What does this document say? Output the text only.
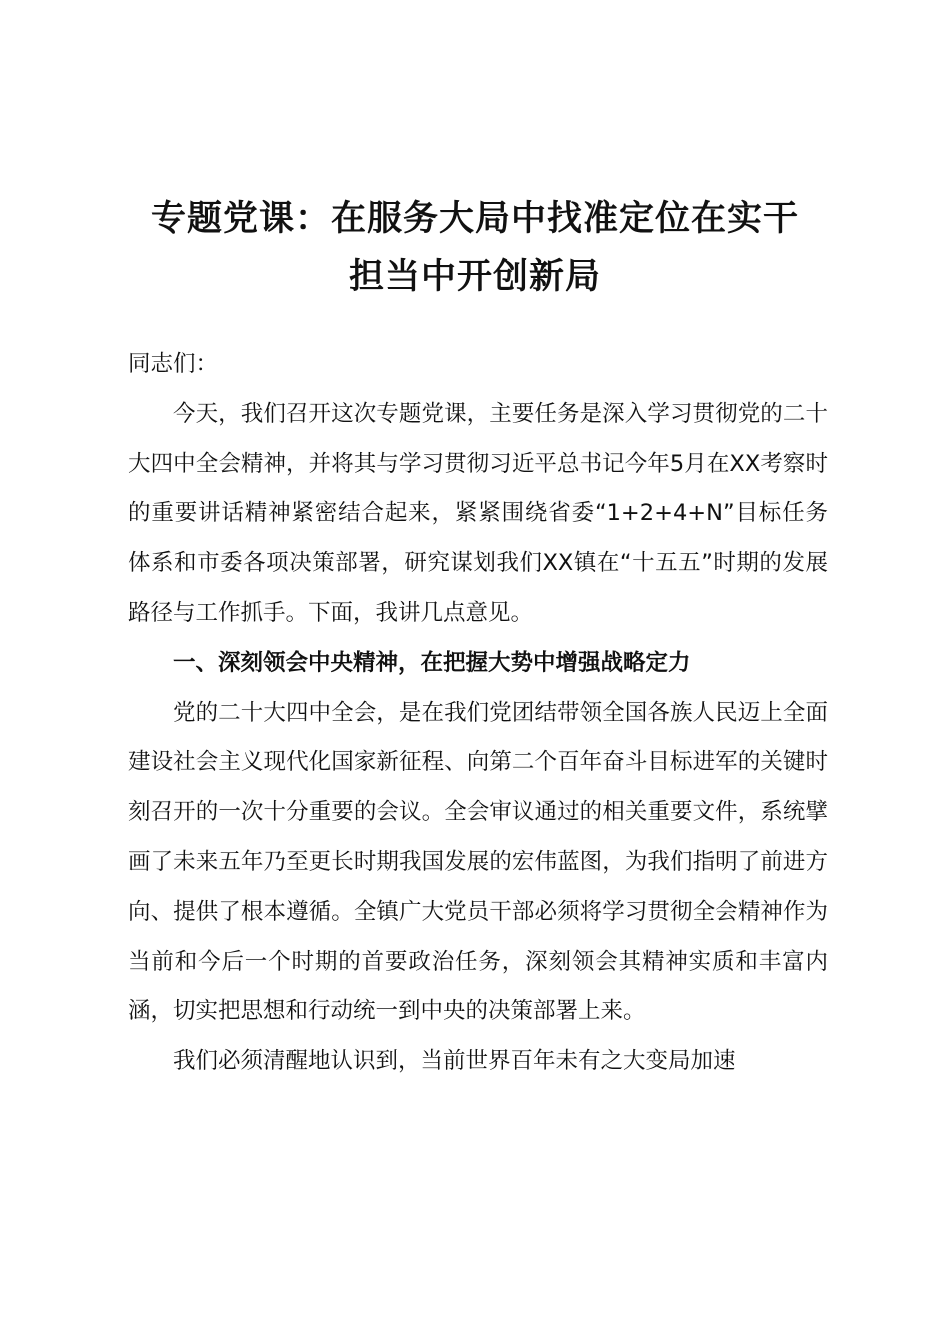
专题党课：在服务大局中找准定位在实干
担当中开创新局

同志们：

今天，我们召开这次专题党课，主要任务是深入学习贯彻党的二十大四中全会精神，并将其与学习贯彻习近平总书记今年5月在XX考察时的重要讲话精神紧密结合起来，紧紧围绕省委“1+2+4+N”目标任务体系和市委各项决策部署，研究谋划我们XX镇在“十五五”时期的发展路径与工作抓手。下面，我讲几点意见。

一、深刻领会中央精神，在把握大势中增强战略定力

党的二十大四中全会，是在我们党团结带领全国各族人民迈上全面建设社会主义现代化国家新征程、向第二个百年奋斗目标进军的关键时刻召开的一次十分重要的会议。全会审议通过的相关重要文件，系统擘画了未来五年乃至更长时期我国发展的宏伟蓝图，为我们指明了前进方向、提供了根本遵循。全镇广大党员干部必须将学习贯彻全会精神作为当前和今后一个时期的首要政治任务，深刻领会其精神实质和丰富内涵，切实把思想和行动统一到中央的决策部署上来。

我们必须清醒地认识到，当前世界百年未有之大变局加速
